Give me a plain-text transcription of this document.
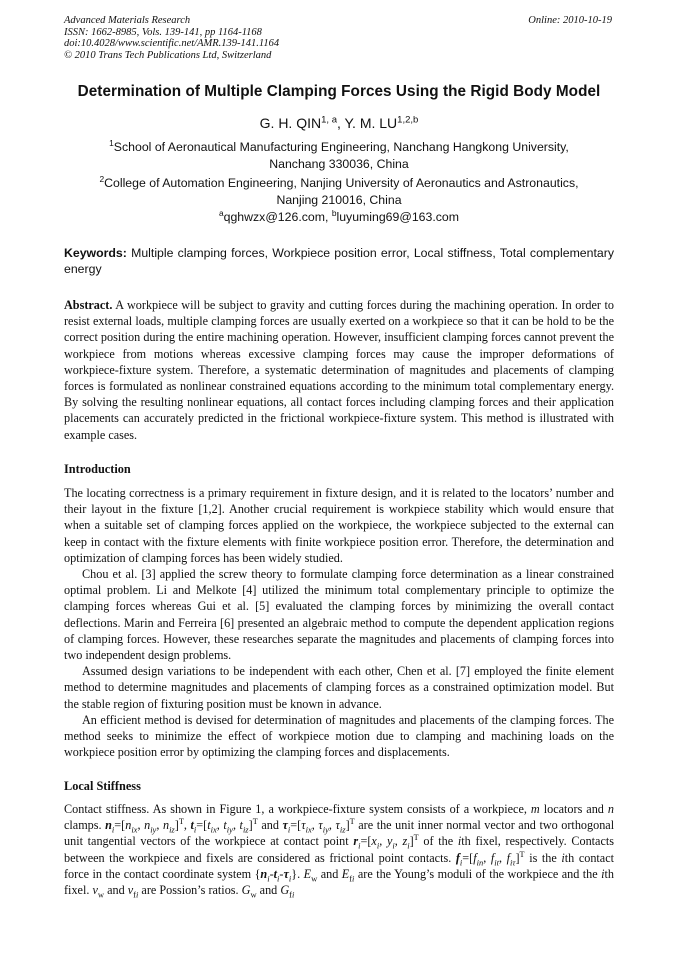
Advanced Materials Research
ISSN: 1662-8985, Vols. 139-141, pp 1164-1168
doi:10.4028/www.scientific.net/AMR.139-141.1164
© 2010 Trans Tech Publications Ltd, Switzerland
Online: 2010-10-19
Determination of Multiple Clamping Forces Using the Rigid Body Model
G. H. QIN$^{1, a}$, Y. M. LU$^{1,2,b}$
$^1$School of Aeronautical Manufacturing Engineering, Nanchang Hangkong University,
Nanchang 330036, China
$^2$College of Automation Engineering, Nanjing University of Aeronautics and Astronautics,
Nanjing 210016, China
$^a$qghwzx@126.com, $^b$luyuming69@163.com
Keywords: Multiple clamping forces, Workpiece position error, Local stiffness, Total complementary energy
Abstract. A workpiece will be subject to gravity and cutting forces during the machining operation. In order to resist external loads, multiple clamping forces are usually exerted on a workpiece so that it can be hold to be the correct position during the entire machining operation. However, insufficient clamping forces cannot prevent the workpiece from motions whereas excessive clamping forces may cause the improper deformations of workpiece-fixture system. Therefore, a systematic determination of magnitudes and placements of clamping forces is formulated as nonlinear constrained equations according to the minimum total complementary energy. By solving the resulting nonlinear equations, all contact forces including clamping forces and their application placements can accurately predicted in the frictional workpiece-fixture system. This method is illustrated with example cases.
Introduction

The locating correctness is a primary requirement in fixture design, and it is related to the locators’ number and their layout in the fixture [1,2]. Another crucial requirement is workpiece stability which would ensure that when a suitable set of clamping forces applied on the workpiece, the workpiece subjected to the external can keep in contact with the fixture elements with finite workpiece position error. Therefore, the determination and optimization of clamping forces has been widely studied.

Chou et al. [3] applied the screw theory to formulate clamping force determination as a linear constrained optimal problem. Li and Melkote [4] utilized the minimum total complementary principle to optimize the clamping forces whereas Gui et al. [5] evaluated the clamping forces by minimizing the overall contact deflections. Marin and Ferreira [6] presented an algebraic method to compute the dependent application regions of clamping forces. However, these researches separate the magnitudes and placements of clamping forces into two independent design problems.

Assumed design variations to be independent with each other, Chen et al. [7] employed the finite element method to determine magnitudes and placements of clamping forces as a constrained optimization model. But the stable region of fixturing position must be known in advance.

An efficient method is devised for determination of magnitudes and placements of the clamping forces. The method seeks to minimize the effect of workpiece motion due to clamping and machining loads on the workpiece position error by optimizing the clamping forces and displacements.

Local Stiffness

Contact stiffness. As shown in Figure 1, a workpiece-fixture system consists of a workpiece, m locators and n clamps. $n_i=[n_{ix}$, $n_{iy}$, $n_{iz}]^T$, $t_i=[t_{ix}$, $t_{iy}$, $t_{iz}]^T$ and $\tau_i=[\tau_{ix}$, $\tau_{iy}$, $\tau_{iz}]^T$ are the unit inner normal vector and two orthogonal unit tangential vectors of the workpiece at contact point $r_i=[x_i$, $y_i$, $z_i]^T$ of the ith fixel, respectively. Contacts between the workpiece and fixels are considered as frictional point contacts. $f_i=[f_{in}$, $f_{it}$, $f_{i\tau}]^T$ is the ith contact force in the contact coordinate system $\{n_i-t_i-\tau_i\}$. $E_w$ and $E_{fi}$ are the Young’s moduli of the workpiece and the ith fixel. $v_w$ and $v_{fi}$ are Possion’s ratios. $G_w$ and $G_{fi}$
